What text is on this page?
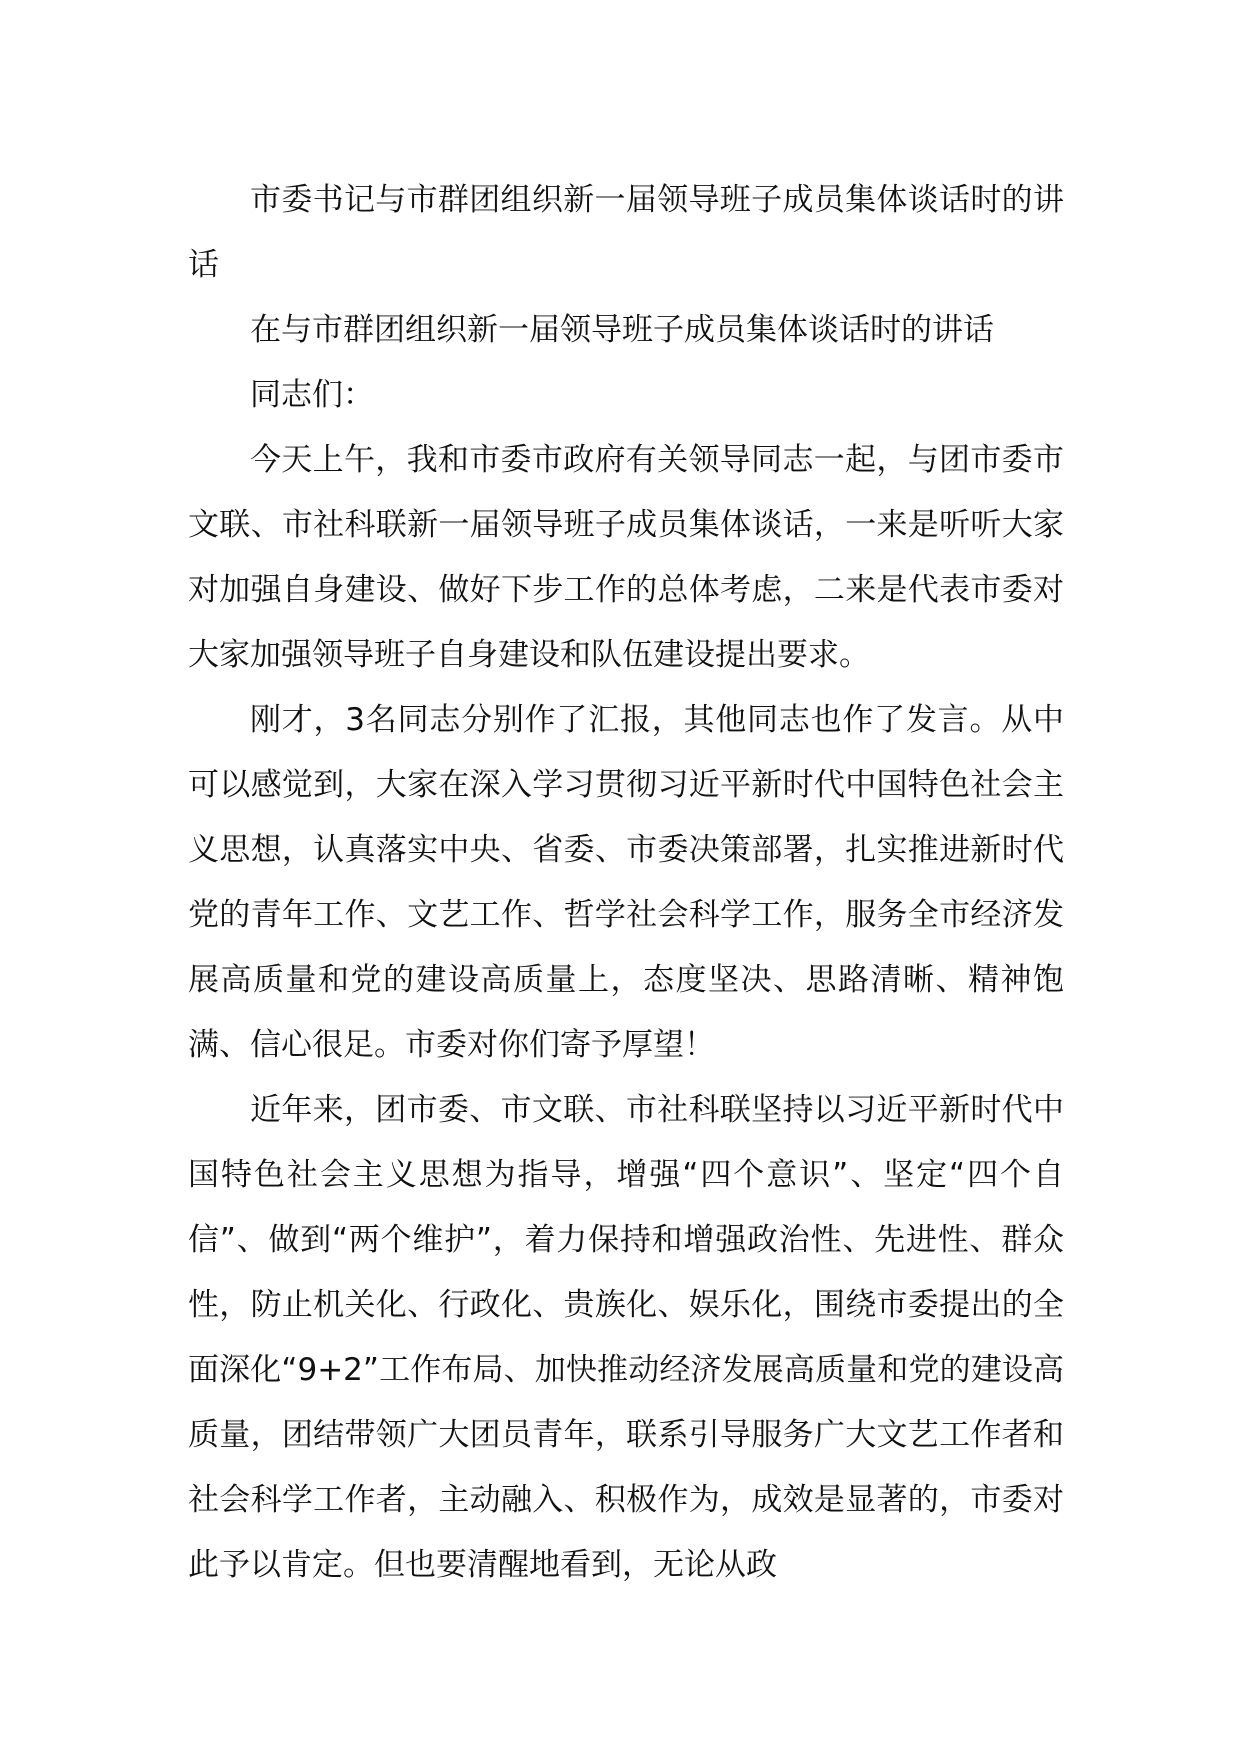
市委书记与市群团组织新一届领导班子成员集体谈话时的讲话

在与市群团组织新一届领导班子成员集体谈话时的讲话

同志们：

今天上午，我和市委市政府有关领导同志一起，与团市委市文联、市社科联新一届领导班子成员集体谈话，一来是听听大家对加强自身建设、做好下步工作的总体考虑，二来是代表市委对大家加强领导班子自身建设和队伍建设提出要求。

刚才，3名同志分别作了汇报，其他同志也作了发言。从中可以感觉到，大家在深入学习贯彻习近平新时代中国特色社会主义思想，认真落实中央、省委、市委决策部署，扎实推进新时代党的青年工作、文艺工作、哲学社会科学工作，服务全市经济发展高质量和党的建设高质量上，态度坚决、思路清晰、精神饱满、信心很足。市委对你们寄予厚望！

近年来，团市委、市文联、市社科联坚持以习近平新时代中国特色社会主义思想为指导，增强“四个意识”、坚定“四个自信”、做到“两个维护”，着力保持和增强政治性、先进性、群众性，防止机关化、行政化、贵族化、娱乐化，围绕市委提出的全面深化“9+2”工作布局、加快推动经济发展高质量和党的建设高质量，团结带领广大团员青年，联系引导服务广大文艺工作者和社会科学工作者，主动融入、积极作为，成效是显著的，市委对此予以肯定。但也要清醒地看到，无论从政
